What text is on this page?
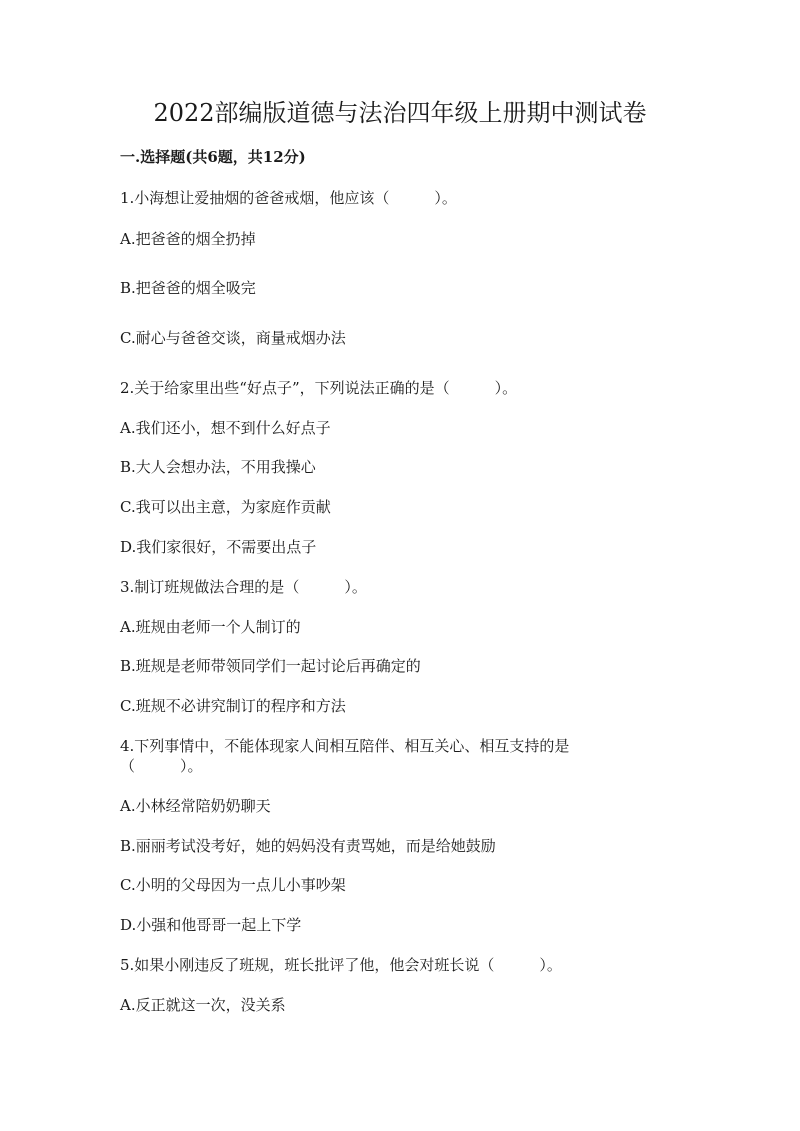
2022部编版道德与法治四年级上册期中测试卷
一.选择题(共6题，共12分)
1.小海想让爱抽烟的爸爸戒烟，他应该（　　　）。
A.把爸爸的烟全扔掉
B.把爸爸的烟全吸完
C.耐心与爸爸交谈，商量戒烟办法
2.关于给家里出些“好点子”，下列说法正确的是（　　　）。
A.我们还小，想不到什么好点子
B.大人会想办法，不用我操心
C.我可以出主意，为家庭作贡献
D.我们家很好，不需要出点子
3.制订班规做法合理的是（　　　）。
A.班规由老师一个人制订的
B.班规是老师带领同学们一起讨论后再确定的
C.班规不必讲究制订的程序和方法
4.下列事情中，不能体现家人间相互陪伴、相互关心、相互支持的是
（　　　）。
A.小林经常陪奶奶聊天
B.丽丽考试没考好，她的妈妈没有责骂她，而是给她鼓励
C.小明的父母因为一点儿小事吵架
D.小强和他哥哥一起上下学
5.如果小刚违反了班规，班长批评了他，他会对班长说（　　　）。
A.反正就这一次，没关系
